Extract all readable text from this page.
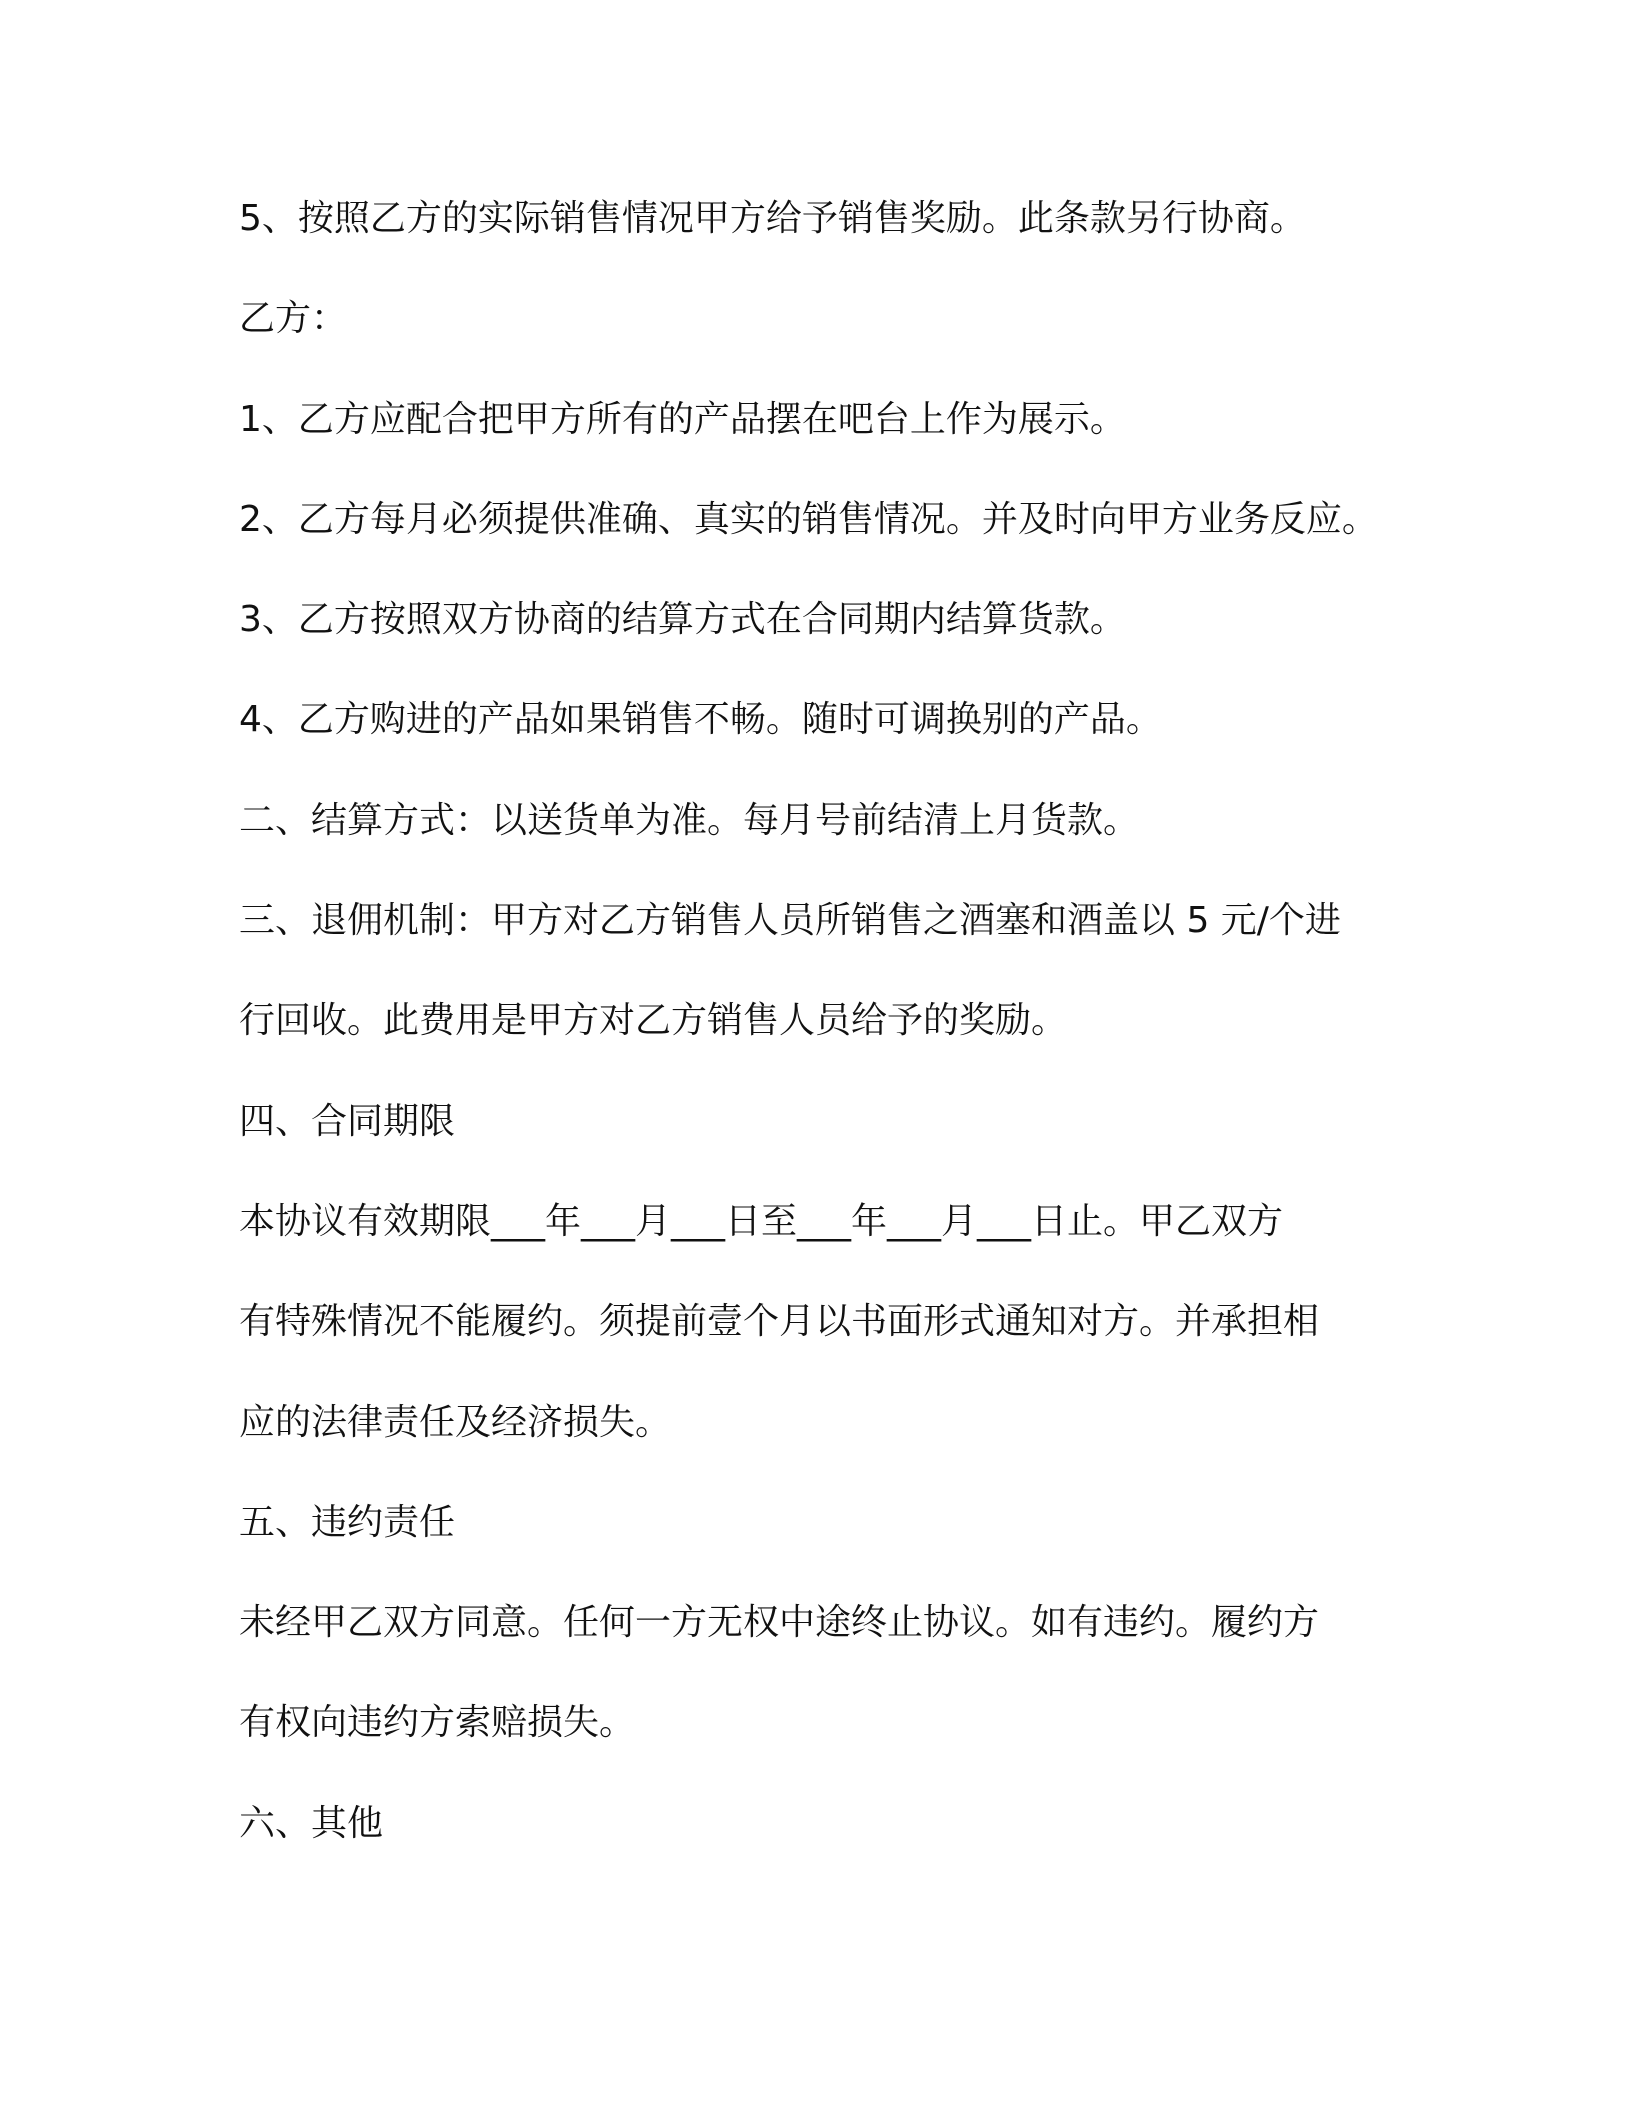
5、按照乙方的实际销售情况甲方给予销售奖励。此条款另行协商。

乙方：

1、乙方应配合把甲方所有的产品摆在吧台上作为展示。

2、乙方每月必须提供准确、真实的销售情况。并及时向甲方业务反应。

3、乙方按照双方协商的结算方式在合同期内结算货款。

4、乙方购进的产品如果销售不畅。随时可调换别的产品。

二、结算方式：以送货单为准。每月号前结清上月货款。

三、退佣机制：甲方对乙方销售人员所销售之酒塞和酒盖以 5 元/个进

行回收。此费用是甲方对乙方销售人员给予的奖励。

四、合同期限

本协议有效期限___年___月___日至___年___月___日止。甲乙双方

有特殊情况不能履约。须提前壹个月以书面形式通知对方。并承担相

应的法律责任及经济损失。

五、违约责任

未经甲乙双方同意。任何一方无权中途终止协议。如有违约。履约方

有权向违约方索赔损失。

六、其他
